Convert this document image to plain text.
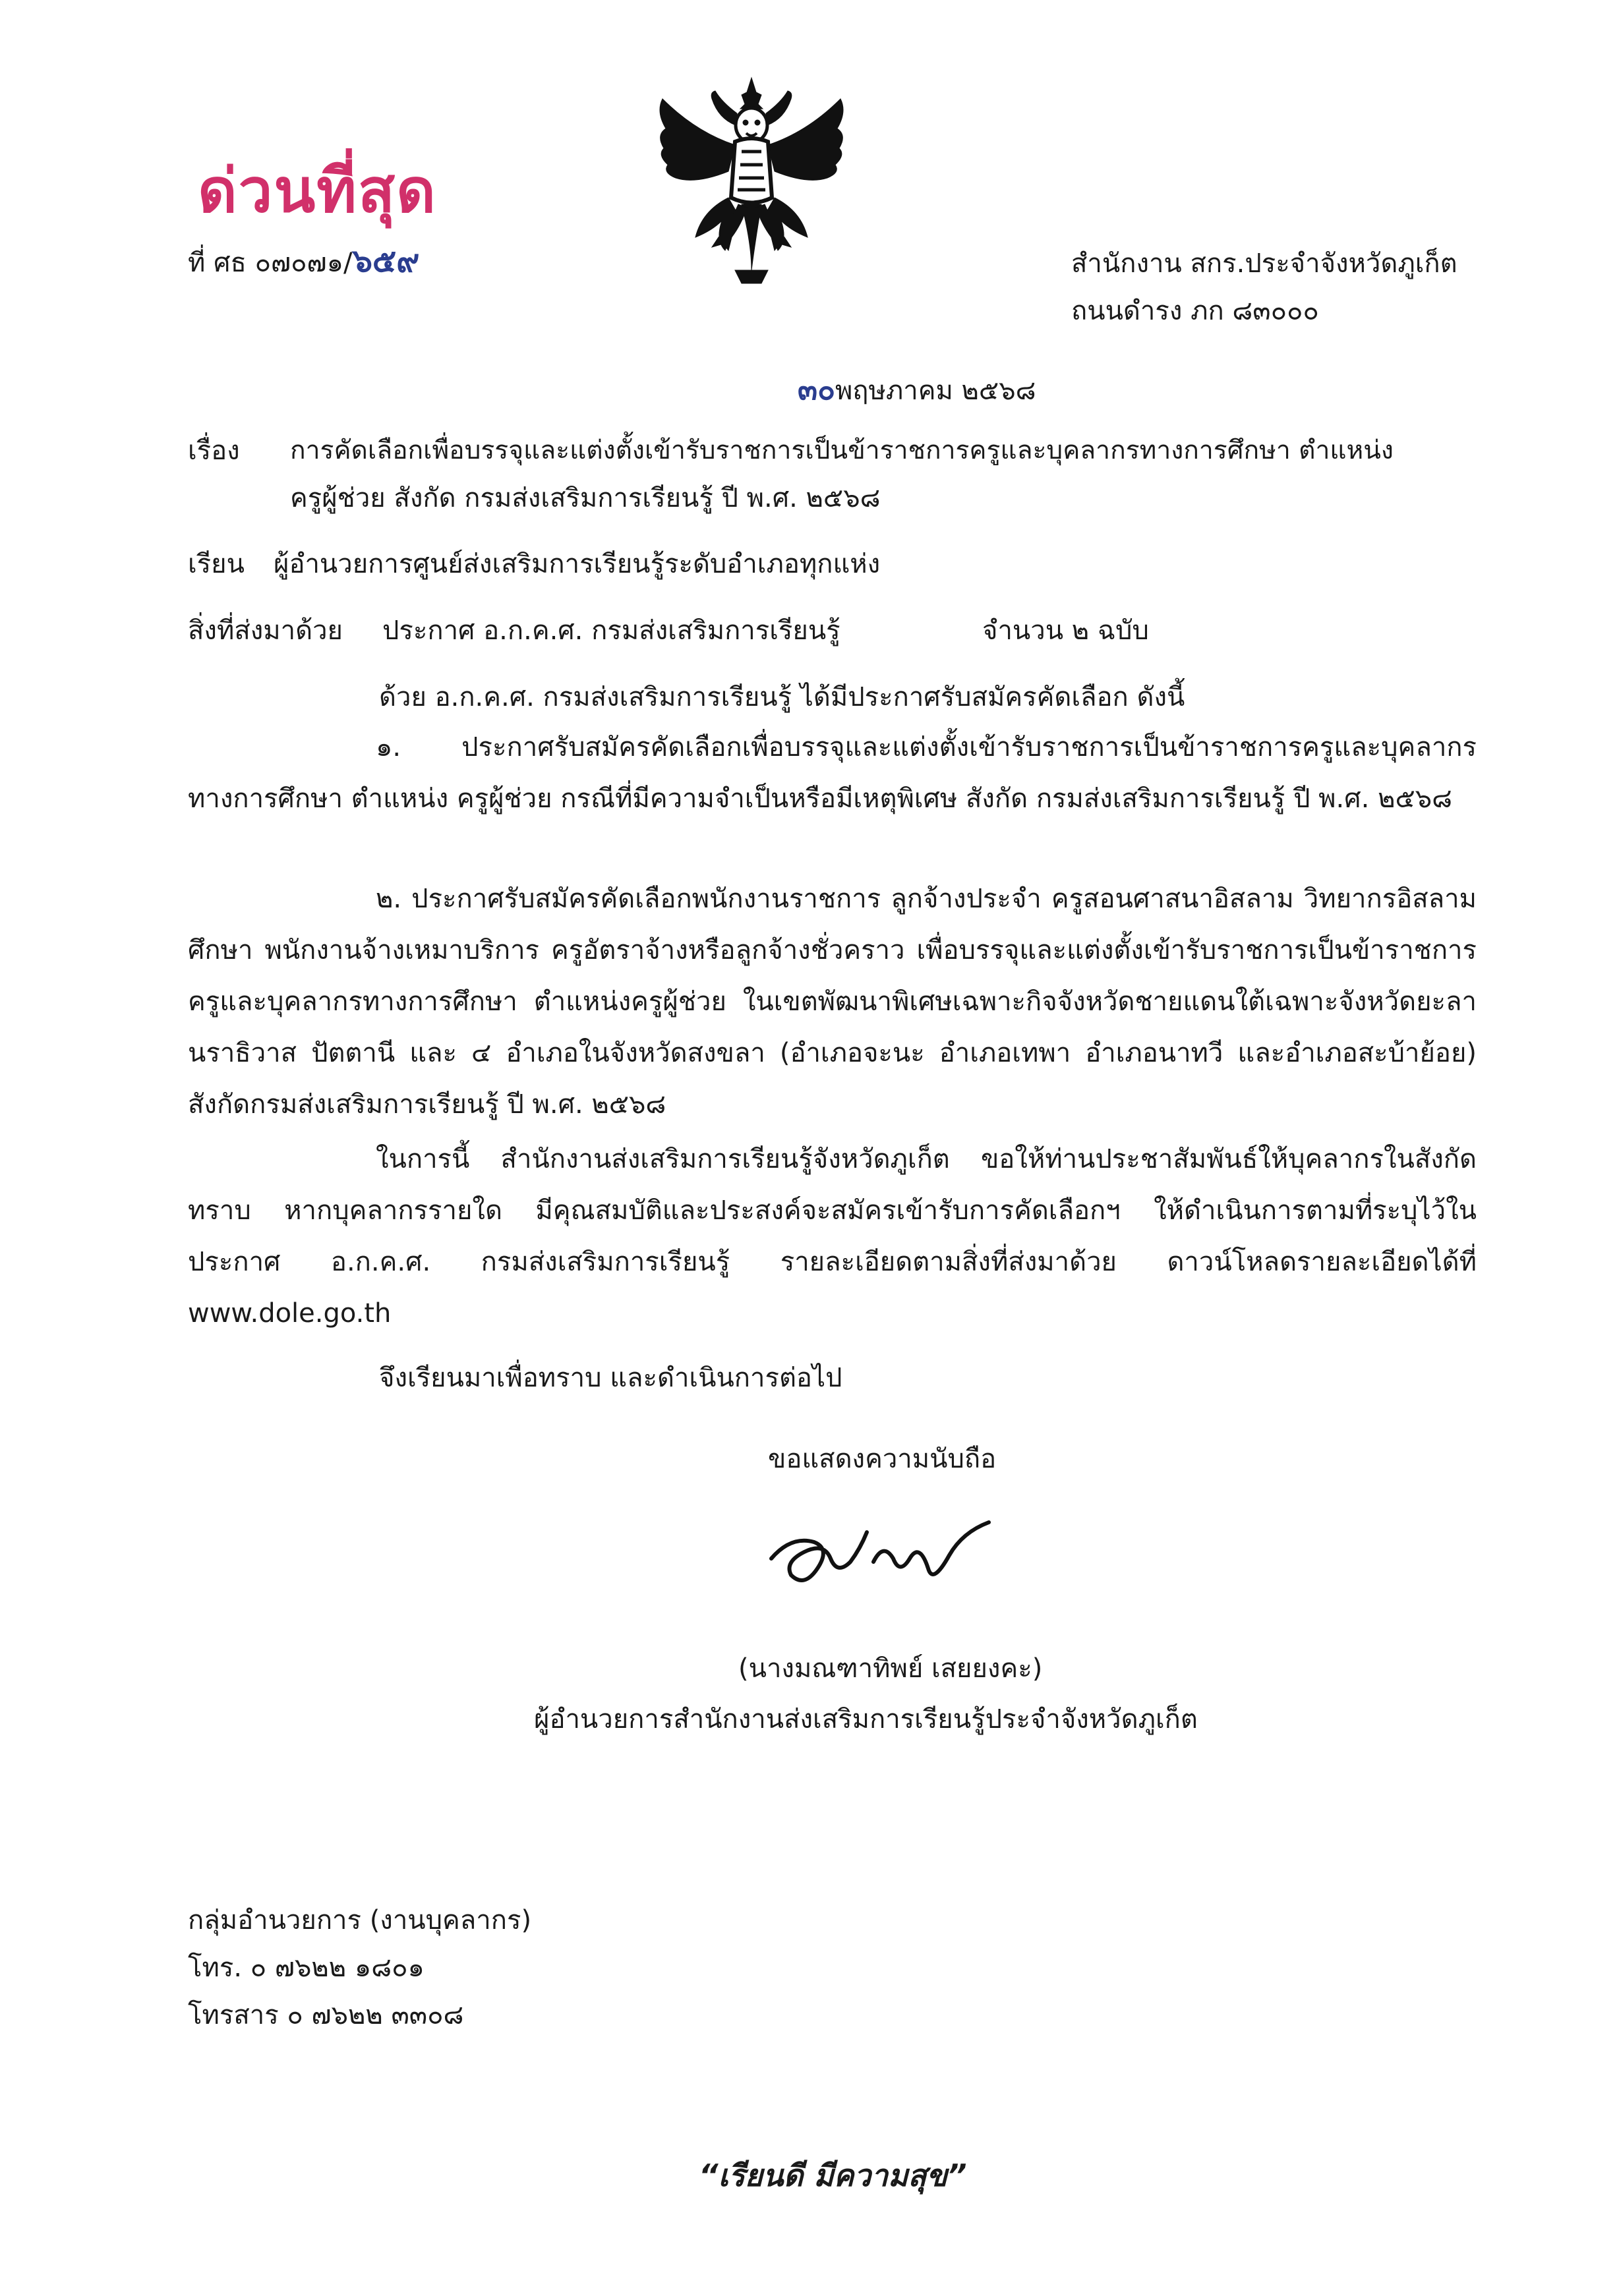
ด่วนที่สุด
ที่ ศธ ๐๗๐๗๑/๖๕๙	สำนักงาน สกร.ประจำจังหวัดภูเก็ต
ถนนดำรง ภก ๘๓๐๐๐
๓๐พฤษภาคม ๒๕๖๘
เรื่อง การคัดเลือกเพื่อบรรจุและแต่งตั้งเข้ารับราชการเป็นข้าราชการครูและบุคลากรทางการศึกษา ตำแหน่ง
ครูผู้ช่วย สังกัด กรมส่งเสริมการเรียนรู้ ปี พ.ศ. ๒๕๖๘
เรียน ผู้อำนวยการศูนย์ส่งเสริมการเรียนรู้ระดับอำเภอทุกแห่ง
สิ่งที่ส่งมาด้วย ประกาศ อ.ก.ค.ศ. กรมส่งเสริมการเรียนรู้	จำนวน ๒ ฉบับ
ด้วย อ.ก.ค.ศ. กรมส่งเสริมการเรียนรู้ ได้มีประกาศรับสมัครคัดเลือก ดังนี้
๑. ประกาศรับสมัครคัดเลือกเพื่อบรรจุและแต่งตั้งเข้ารับราชการเป็นข้าราชการครูและบุคลากรทางการศึกษา ตำแหน่ง ครูผู้ช่วย กรณีที่มีความจำเป็นหรือมีเหตุพิเศษ สังกัด กรมส่งเสริมการเรียนรู้ ปี พ.ศ. ๒๕๖๘
๒. ประกาศรับสมัครคัดเลือกพนักงานราชการ ลูกจ้างประจำ ครูสอนศาสนาอิสลาม วิทยากรอิสลามศึกษา พนักงานจ้างเหมาบริการ ครูอัตราจ้างหรือลูกจ้างชั่วคราว เพื่อบรรจุและแต่งตั้งเข้ารับราชการเป็นข้าราชการครูและบุคลากรทางการศึกษา ตำแหน่งครูผู้ช่วย ในเขตพัฒนาพิเศษเฉพาะกิจจังหวัดชายแดนใต้เฉพาะจังหวัดยะลา นราธิวาส ปัตตานี และ ๔ อำเภอในจังหวัดสงขลา (อำเภอจะนะ อำเภอเทพา อำเภอนาทวี และอำเภอสะบ้าย้อย) สังกัดกรมส่งเสริมการเรียนรู้ ปี พ.ศ. ๒๕๖๘
ในการนี้ สำนักงานส่งเสริมการเรียนรู้จังหวัดภูเก็ต ขอให้ท่านประชาสัมพันธ์ให้บุคลากรในสังกัดทราบ หากบุคลากรรายใด มีคุณสมบัติและประสงค์จะสมัครเข้ารับการคัดเลือกฯ ให้ดำเนินการตามที่ระบุไว้ในประกาศ อ.ก.ค.ศ. กรมส่งเสริมการเรียนรู้ รายละเอียดตามสิ่งที่ส่งมาด้วย ดาวน์โหลดรายละเอียดได้ที่ www.dole.go.th
จึงเรียนมาเพื่อทราบ และดำเนินการต่อไป
ขอแสดงความนับถือ
(นางมณฑาทิพย์ เสยยงคะ)
ผู้อำนวยการสำนักงานส่งเสริมการเรียนรู้ประจำจังหวัดภูเก็ต
กลุ่มอำนวยการ (งานบุคลากร)
โทร. ๐ ๗๖๒๒ ๑๘๐๑
โทรสาร ๐ ๗๖๒๒ ๓๓๐๘
“เรียนดี มีความสุข”
